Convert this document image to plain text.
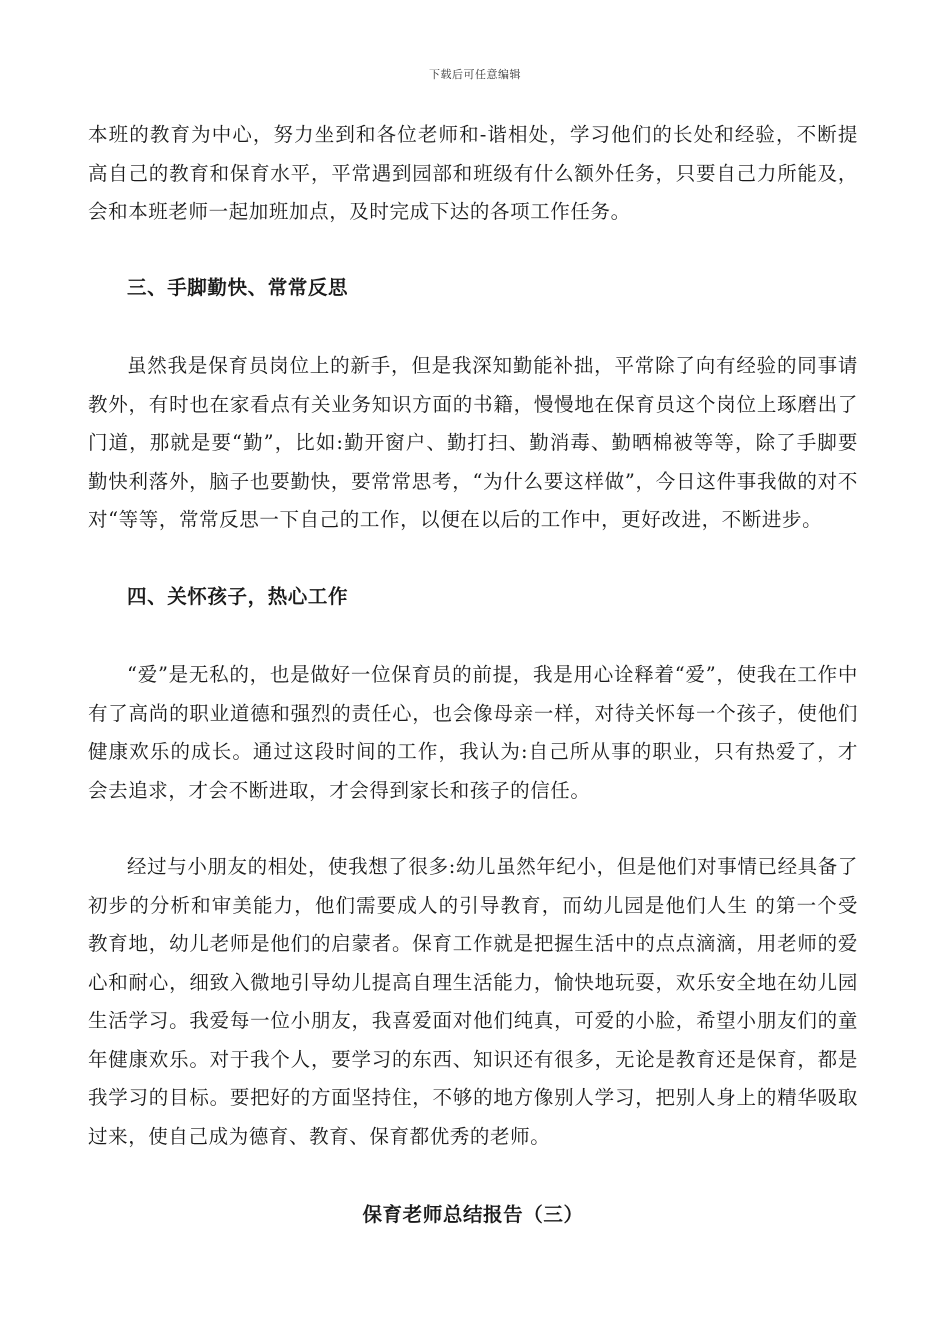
下载后可任意编辑

本班的教育为中心，努力坐到和各位老师和-谐相处，学习他们的长处和经验，不断提高自己的教育和保育水平，平常遇到园部和班级有什么额外任务，只要自己力所能及，会和本班老师一起加班加点，及时完成下达的各项工作任务。

三、手脚勤快、常常反思

虽然我是保育员岗位上的新手，但是我深知勤能补拙，平常除了向有经验的同事请教外，有时也在家看点有关业务知识方面的书籍，慢慢地在保育员这个岗位上琢磨出了门道，那就是要“勤”，比如:勤开窗户、勤打扫、勤消毒、勤晒棉被等等，除了手脚要勤快利落外，脑子也要勤快，要常常思考，“为什么要这样做”，今日这件事我做的对不对“等等，常常反思一下自己的工作，以便在以后的工作中，更好改进，不断进步。

四、关怀孩子，热心工作

“爱”是无私的，也是做好一位保育员的前提，我是用心诠释着“爱”，使我在工作中有了高尚的职业道德和强烈的责任心，也会像母亲一样，对待关怀每一个孩子，使他们健康欢乐的成长。通过这段时间的工作，我认为:自己所从事的职业，只有热爱了，才会去追求，才会不断进取，才会得到家长和孩子的信任。

经过与小朋友的相处，使我想了很多:幼儿虽然年纪小，但是他们对事情已经具备了初步的分析和审美能力，他们需要成人的引导教育，而幼儿园是他们人生 的第一个受教育地，幼儿老师是他们的启蒙者。保育工作就是把握生活中的点点滴滴，用老师的爱心和耐心，细致入微地引导幼儿提高自理生活能力，愉快地玩耍，欢乐安全地在幼儿园生活学习。我爱每一位小朋友，我喜爱面对他们纯真，可爱的小脸，希望小朋友们的童年健康欢乐。对于我个人，要学习的东西、知识还有很多，无论是教育还是保育，都是我学习的目标。要把好的方面坚持住，不够的地方像别人学习，把别人身上的精华吸取过来，使自己成为德育、教育、保育都优秀的老师。

保育老师总结报告（三）
